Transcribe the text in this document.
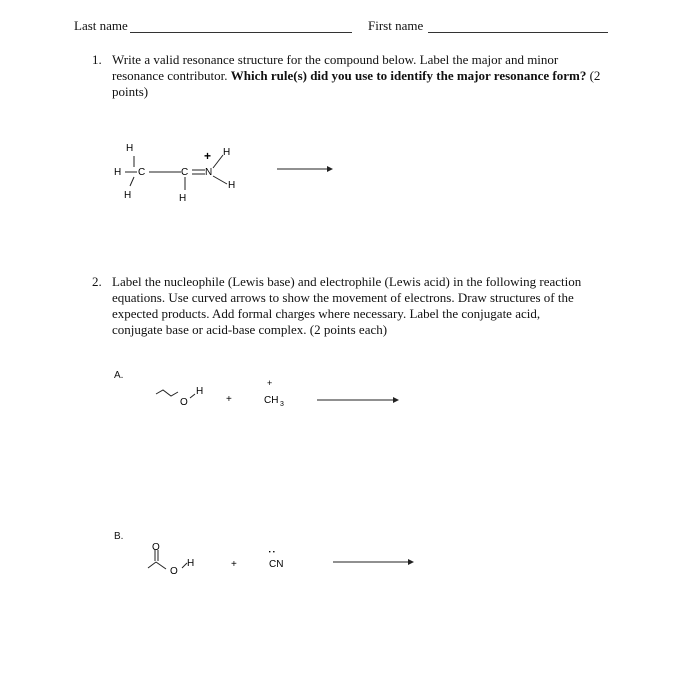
Last name	First name
1. Write a valid resonance structure for the compound below. Label the major and minor resonance contributor. Which rule(s) did you use to identify the major resonance form? (2 points)
H
H C
H
C
H
N
+ H
H
2. Label the nucleophile (Lewis base) and electrophile (Lewis acid) in the following reaction equations. Use curved arrows to show the movement of electrons. Draw structures of the expected products. Add formal charges where necessary. Label the conjugate acid, conjugate base or acid-base complex. (2 points each)
A.
O
H
+
+
CH 3
B.
O
O
H	+
:
CN
